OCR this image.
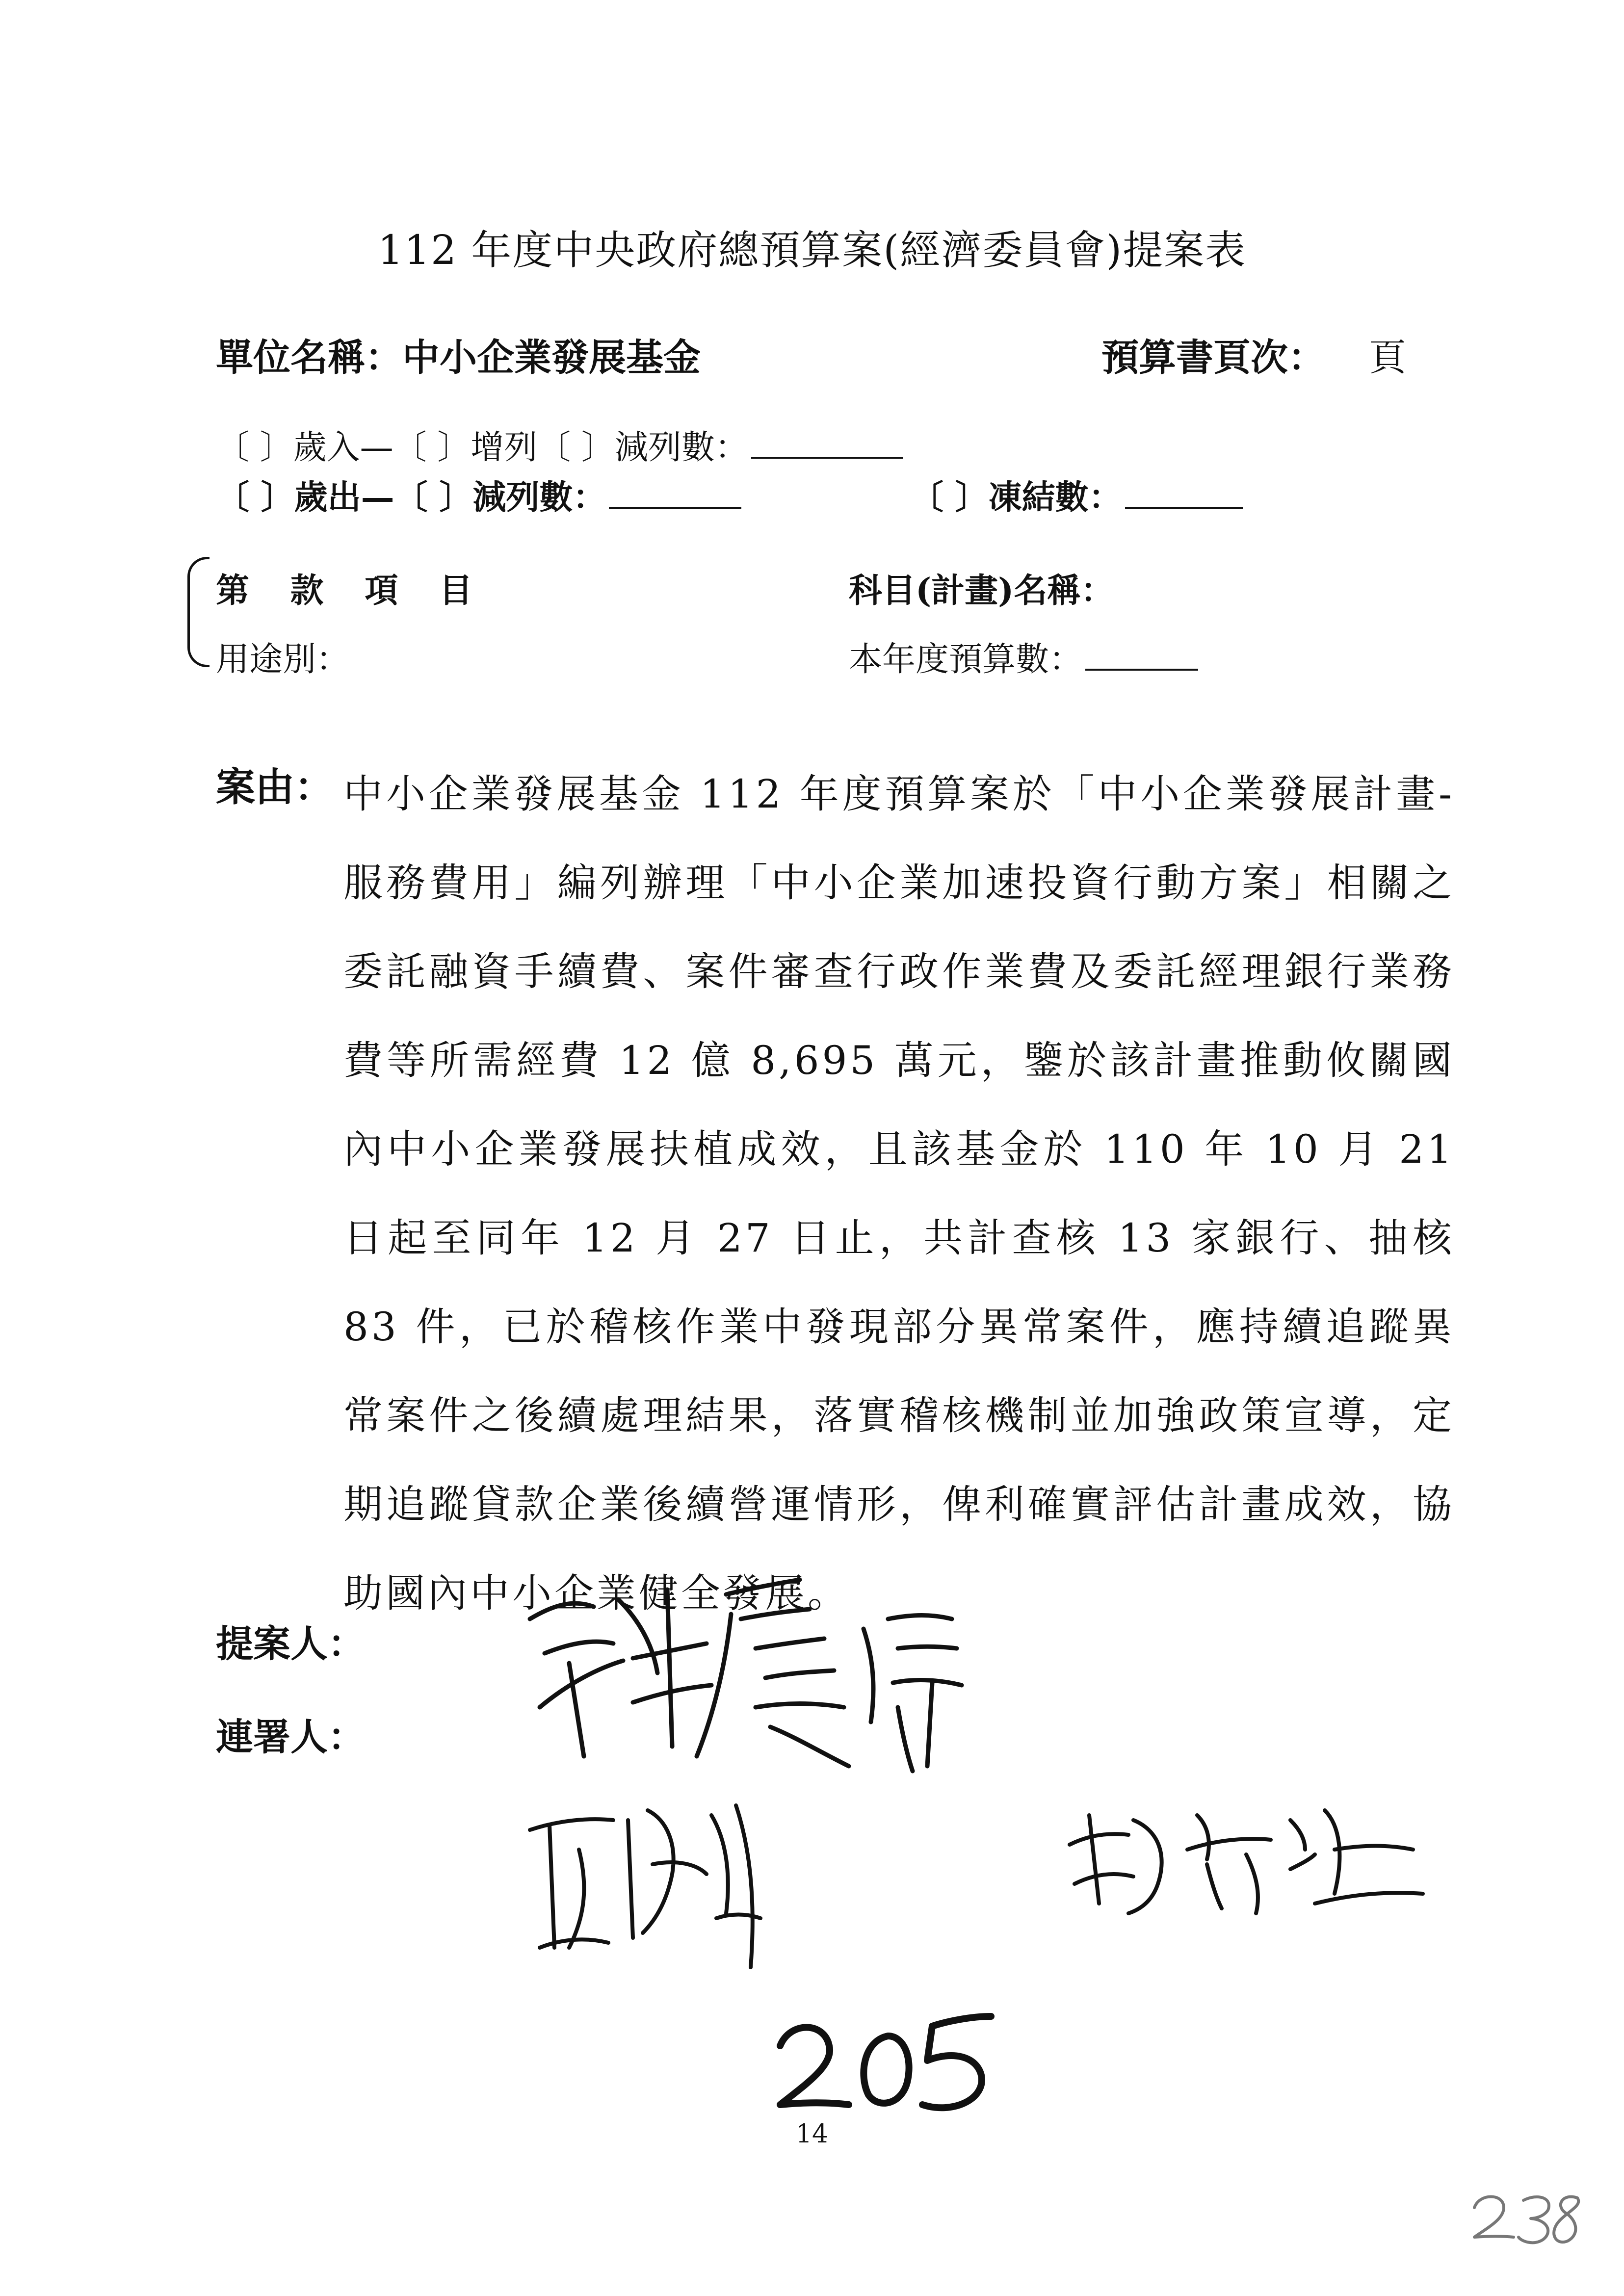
112 年度中央政府總預算案(經濟委員會)提案表
單位名稱：中小企業發展基金	預算書頁次： 頁
〔 〕歲入—〔 〕增列〔 〕減列數：
〔 〕歲出—〔 〕減列數：	〔 〕凍結數：
第 款 項 目
用途別：
科目(計畫)名稱：
本年度預算數：
案由： 中小企業發展基金 112 年度預算案於「中小企業發展計畫-服務費用」編列辦理「中小企業加速投資行動方案」相關之委託融資手續費、案件審查行政作業費及委託經理銀行業務費等所需經費 12 億 8,695 萬元，鑒於該計畫推動攸關國內中小企業發展扶植成效，且該基金於 110 年 10 月 21 日起至同年 12 月 27 日止，共計查核 13 家銀行、抽核 83 件，已於稽核作業中發現部分異常案件，應持續追蹤異常案件之後續處理結果，落實稽核機制並加強政策宣導，定期追蹤貸款企業後續營運情形，俾利確實評估計畫成效，協助國內中小企業健全發展。

提案人：
連署人：
14
